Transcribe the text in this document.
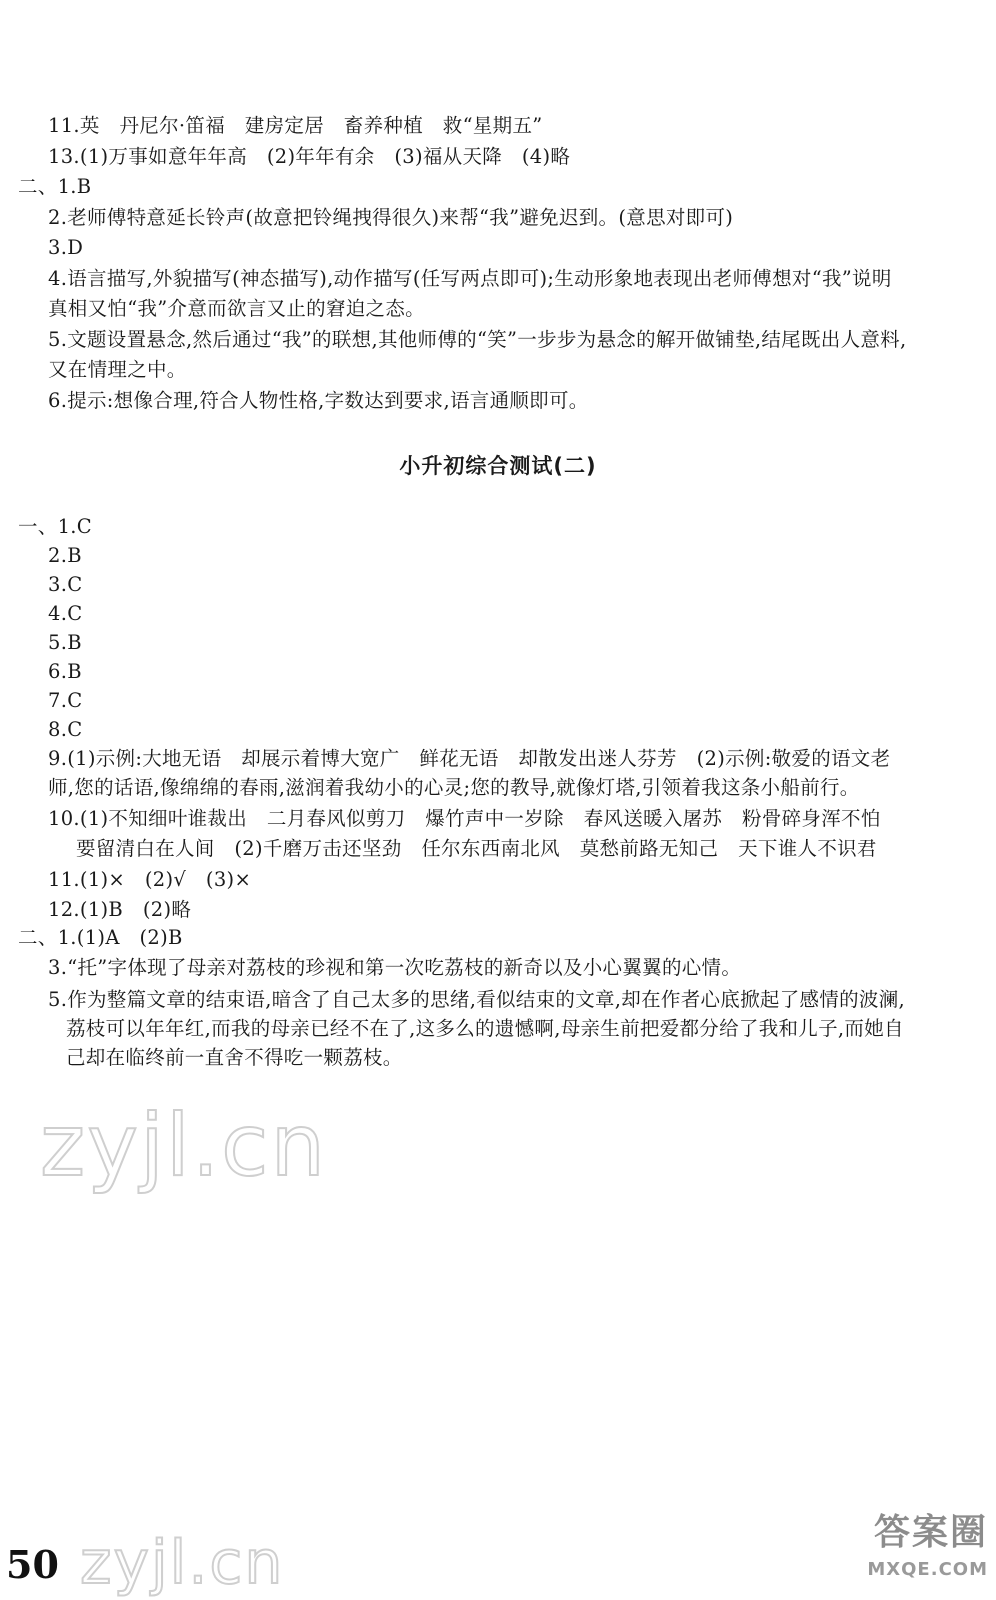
11.英　丹尼尔·笛福　建房定居　畜养种植　救“星期五”
13.(1)万事如意年年高　(2)年年有余　(3)福从天降　(4)略
二、1.B
2.老师傅特意延长铃声(故意把铃绳拽得很久)来帮“我”避免迟到。(意思对即可)
3.D
4.语言描写,外貌描写(神态描写),动作描写(任写两点即可);生动形象地表现出老师傅想对“我”说明
真相又怕“我”介意而欲言又止的窘迫之态。
5.文题设置悬念,然后通过“我”的联想,其他师傅的“笑”一步步为悬念的解开做铺垫,结尾既出人意料,
又在情理之中。
6.提示:想像合理,符合人物性格,字数达到要求,语言通顺即可。
小升初综合测试(二)
一、1.C
2.B
3.C
4.C
5.B
6.B
7.C
8.C
9.(1)示例:大地无语　却展示着博大宽广　鲜花无语　却散发出迷人芬芳　(2)示例:敬爱的语文老
师,您的话语,像绵绵的春雨,滋润着我幼小的心灵;您的教导,就像灯塔,引领着我这条小船前行。
10.(1)不知细叶谁裁出　二月春风似剪刀　爆竹声中一岁除　春风送暖入屠苏　粉骨碎身浑不怕
要留清白在人间　(2)千磨万击还坚劲　任尔东西南北风　莫愁前路无知己　天下谁人不识君
11.(1)×　(2)√　(3)×
12.(1)B　(2)略
二、1.(1)A　(2)B
3.“托”字体现了母亲对荔枝的珍视和第一次吃荔枝的新奇以及小心翼翼的心情。
5.作为整篇文章的结束语,暗含了自己太多的思绪,看似结束的文章,却在作者心底掀起了感情的波澜,
荔枝可以年年红,而我的母亲已经不在了,这多么的遗憾啊,母亲生前把爱都分给了我和儿子,而她自
己却在临终前一直舍不得吃一颗荔枝。
zyjl.cn
zyjl.cn
50
答案圈
MXQE.COM
